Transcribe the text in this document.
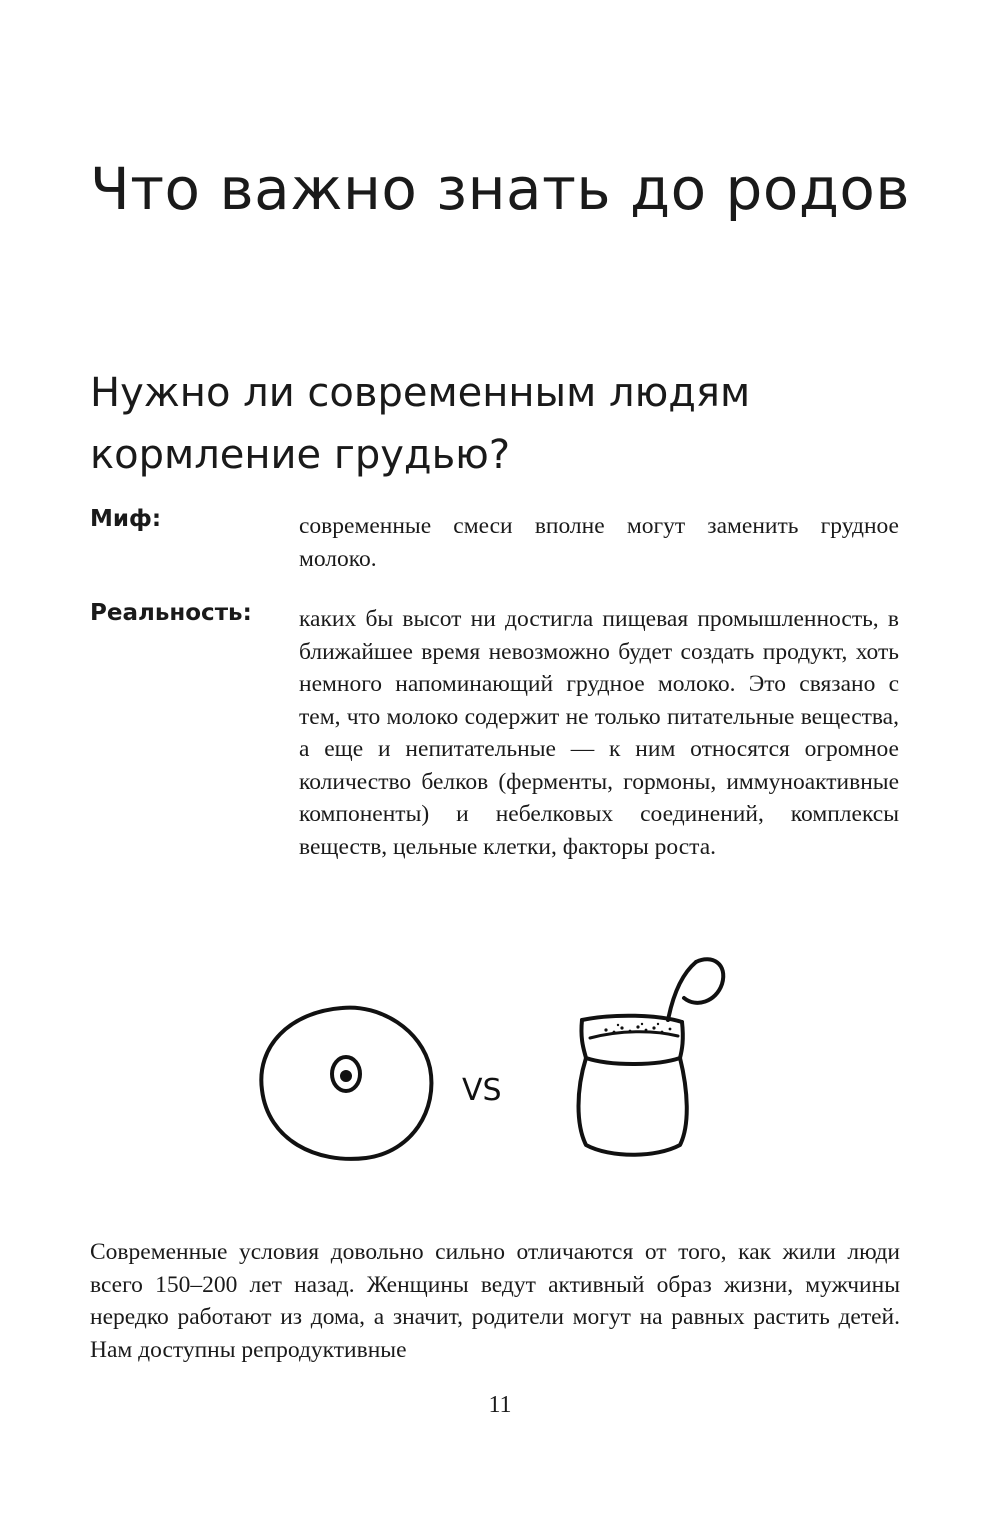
Что важно знать до родов
Нужно ли современным людям кормление грудью?
Миф:	современные смеси вполне могут заменить грудное молоко.

Реальность: каких бы высот ни достигла пищевая промышленность, в ближайшее время невозможно будет создать продукт, хоть немного напоминающий грудное молоко. Это связано с тем, что молоко содержит не только питательные вещества, а еще и непитательные — к ним относятся огромное количество белков (ферменты, гормоны, иммуноактивные компоненты) и небелковых соединений, комплексы веществ, цельные клетки, факторы роста.

VS

Современные условия довольно сильно отличаются от того, как жили люди всего 150–200 лет назад. Женщины ведут активный образ жизни, мужчины нередко работают из дома, а значит, родители могут на равных растить детей. Нам доступны репродуктивные

11
